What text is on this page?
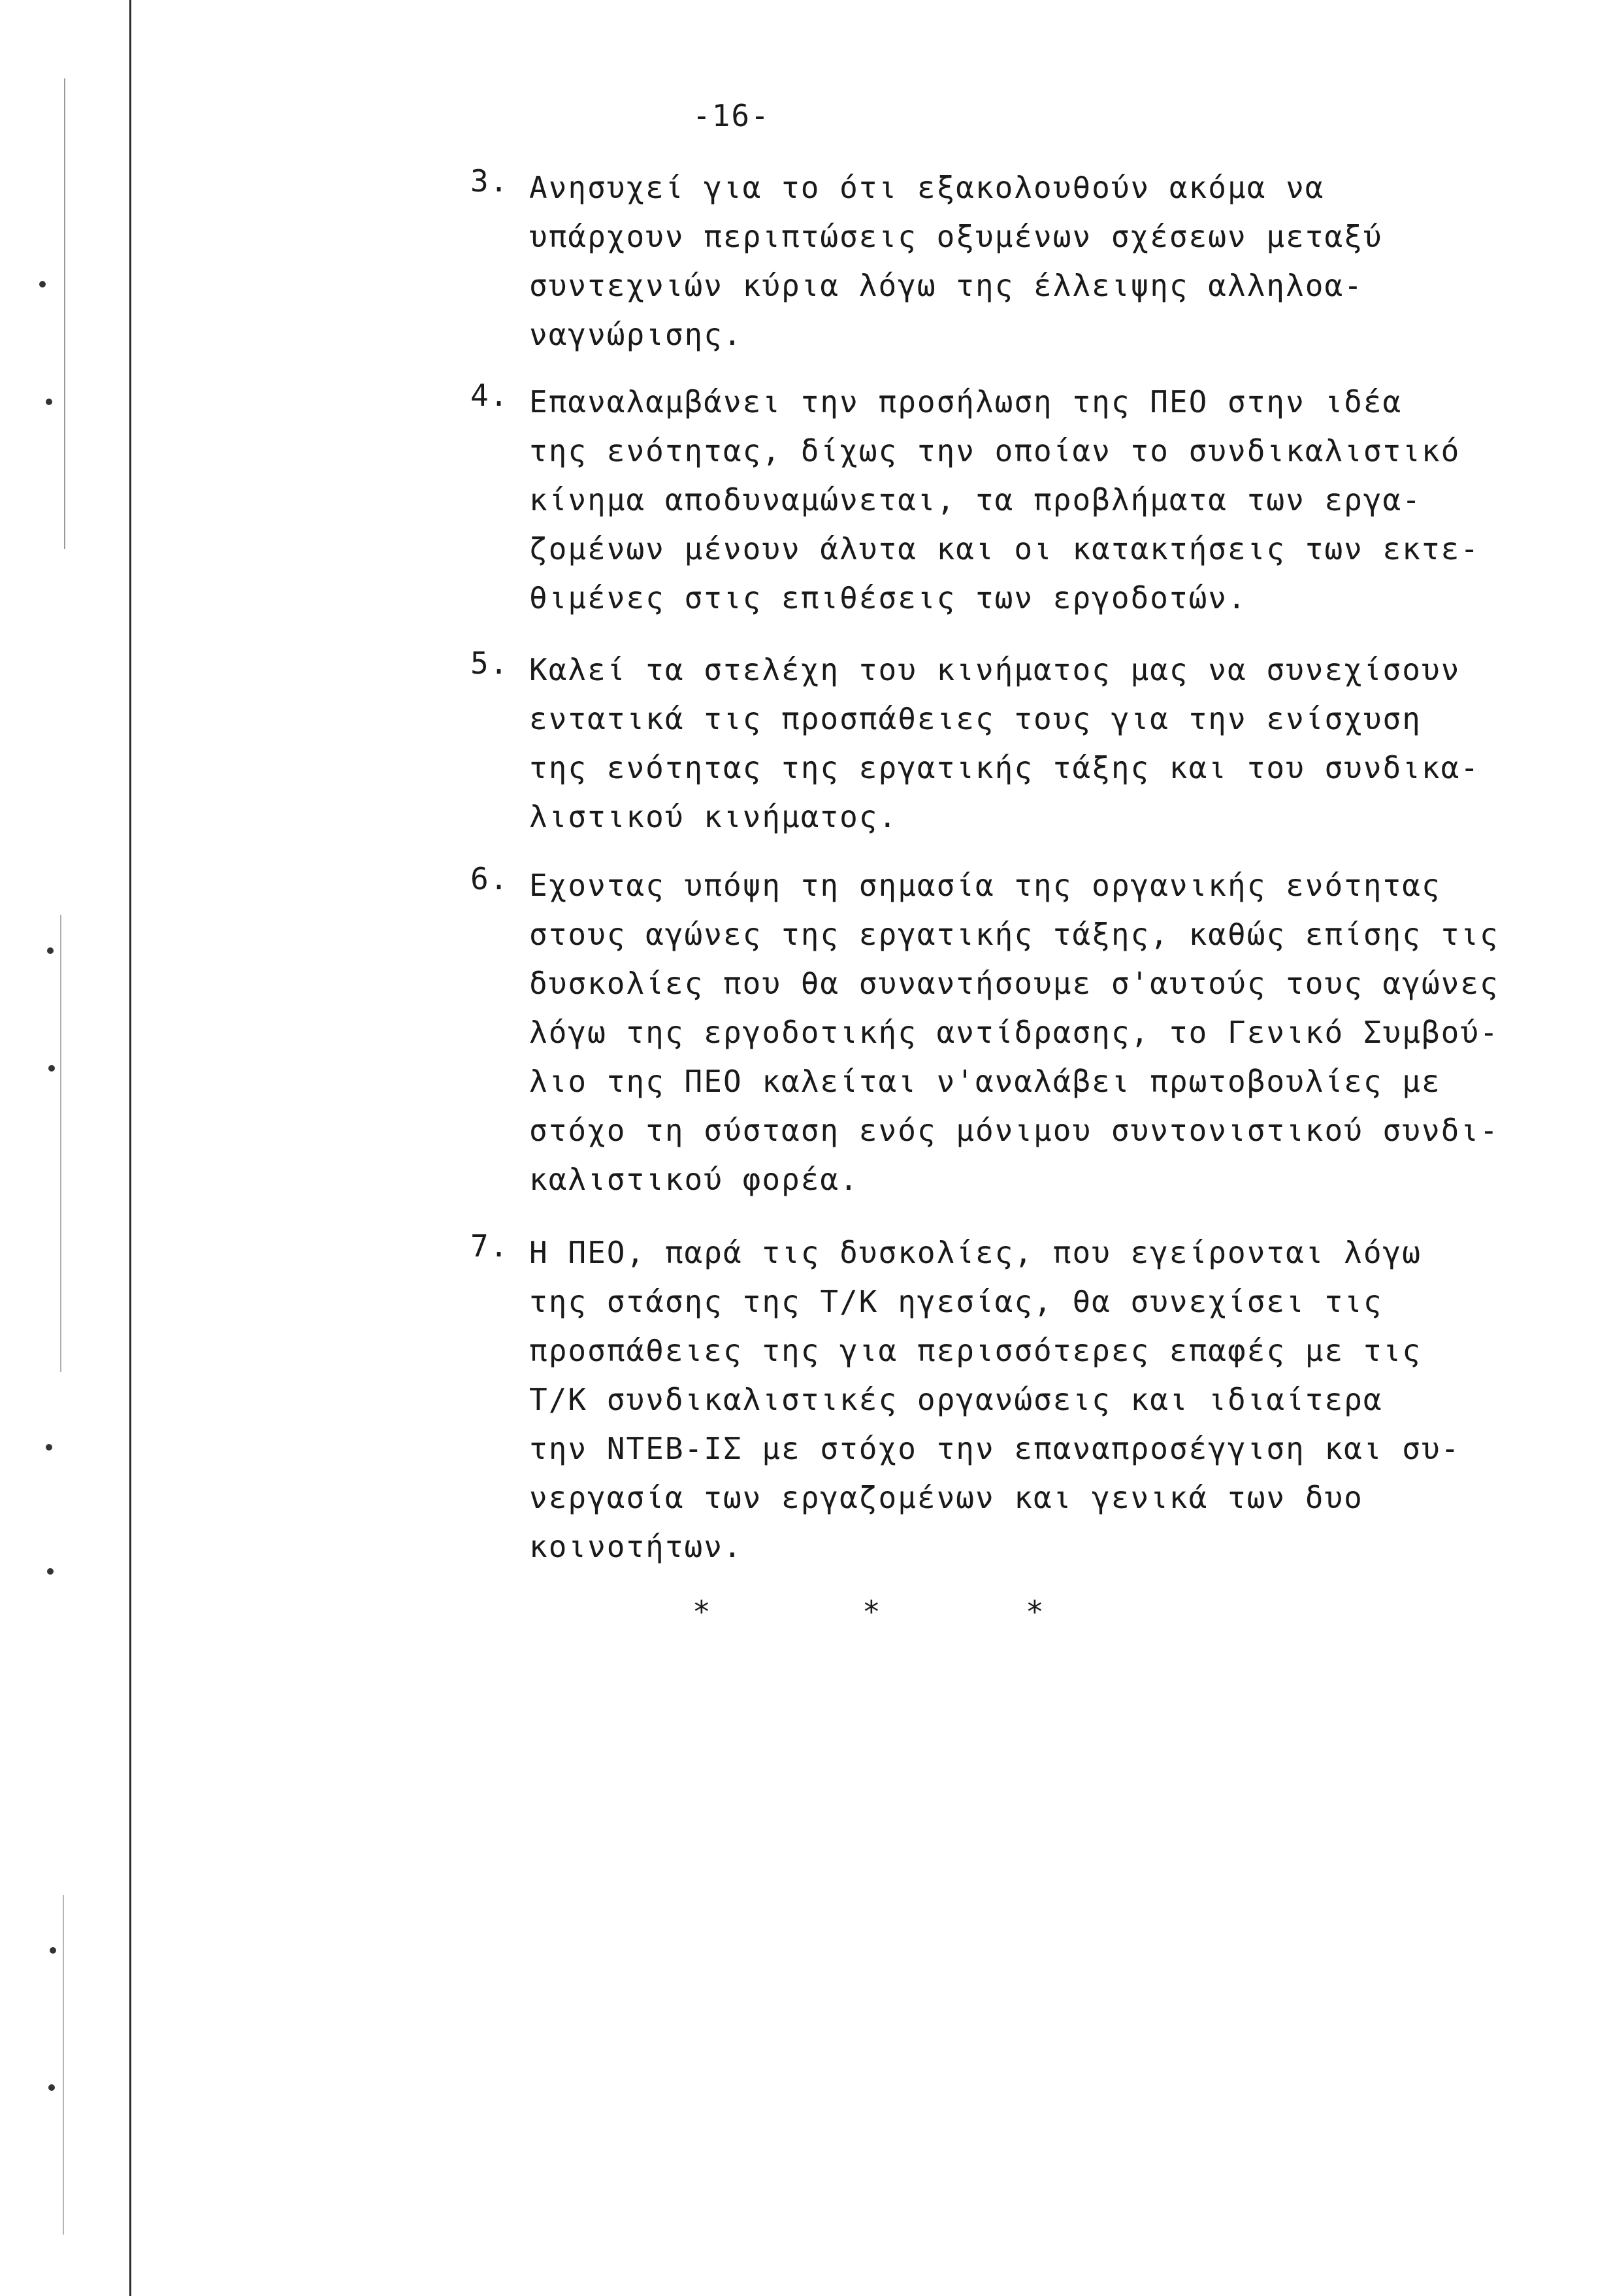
-16-
3. Ανησυχεί για το ότι εξακολουθούν ακόμα να
υπάρχουν περιπτώσεις οξυμένων σχέσεων μεταξύ
συντεχνιών κύρια λόγω της έλλειψης αλληλοα-
ναγνώρισης.
4. Επαναλαμβάνει την προσήλωση της ΠΕΟ στην ιδέα
της ενότητας, δίχως την οποίαν το συνδικαλιστικό
κίνημα αποδυναμώνεται, τα προβλήματα των εργα-
ζομένων μένουν άλυτα και οι κατακτήσεις των εκτε-
θιμένες στις επιθέσεις των εργοδοτών.
5. Καλεί τα στελέχη του κινήματος μας να συνεχίσουν
εντατικά τις προσπάθειες τους για την ενίσχυση
της ενότητας της εργατικής τάξης και του συνδικα-
λιστικού κινήματος.
6. Εχοντας υπόψη τη σημασία της οργανικής ενότητας
στους αγώνες της εργατικής τάξης, καθώς επίσης τις
δυσκολίες που θα συναντήσουμε σ'αυτούς τους αγώνες
λόγω της εργοδοτικής αντίδρασης, το Γενικό Συμβού-
λιο της ΠΕΟ καλείται ν'αναλάβει πρωτοβουλίες με
στόχο τη σύσταση ενός μόνιμου συντονιστικού συνδι-
καλιστικού φορέα.
7. Η ΠΕΟ, παρά τις δυσκολίες, που εγείρονται λόγω
της στάσης της Τ/Κ ηγεσίας, θα συνεχίσει τις
προσπάθειες της για περισσότερες επαφές με τις
Τ/Κ συνδικαλιστικές οργανώσεις και ιδιαίτερα
την ΝΤΕΒ-ΙΣ με στόχο την επαναπροσέγγιση και συ-
νεργασία των εργαζομένων και γενικά των δυο
κοινοτήτων.
*	*	*
